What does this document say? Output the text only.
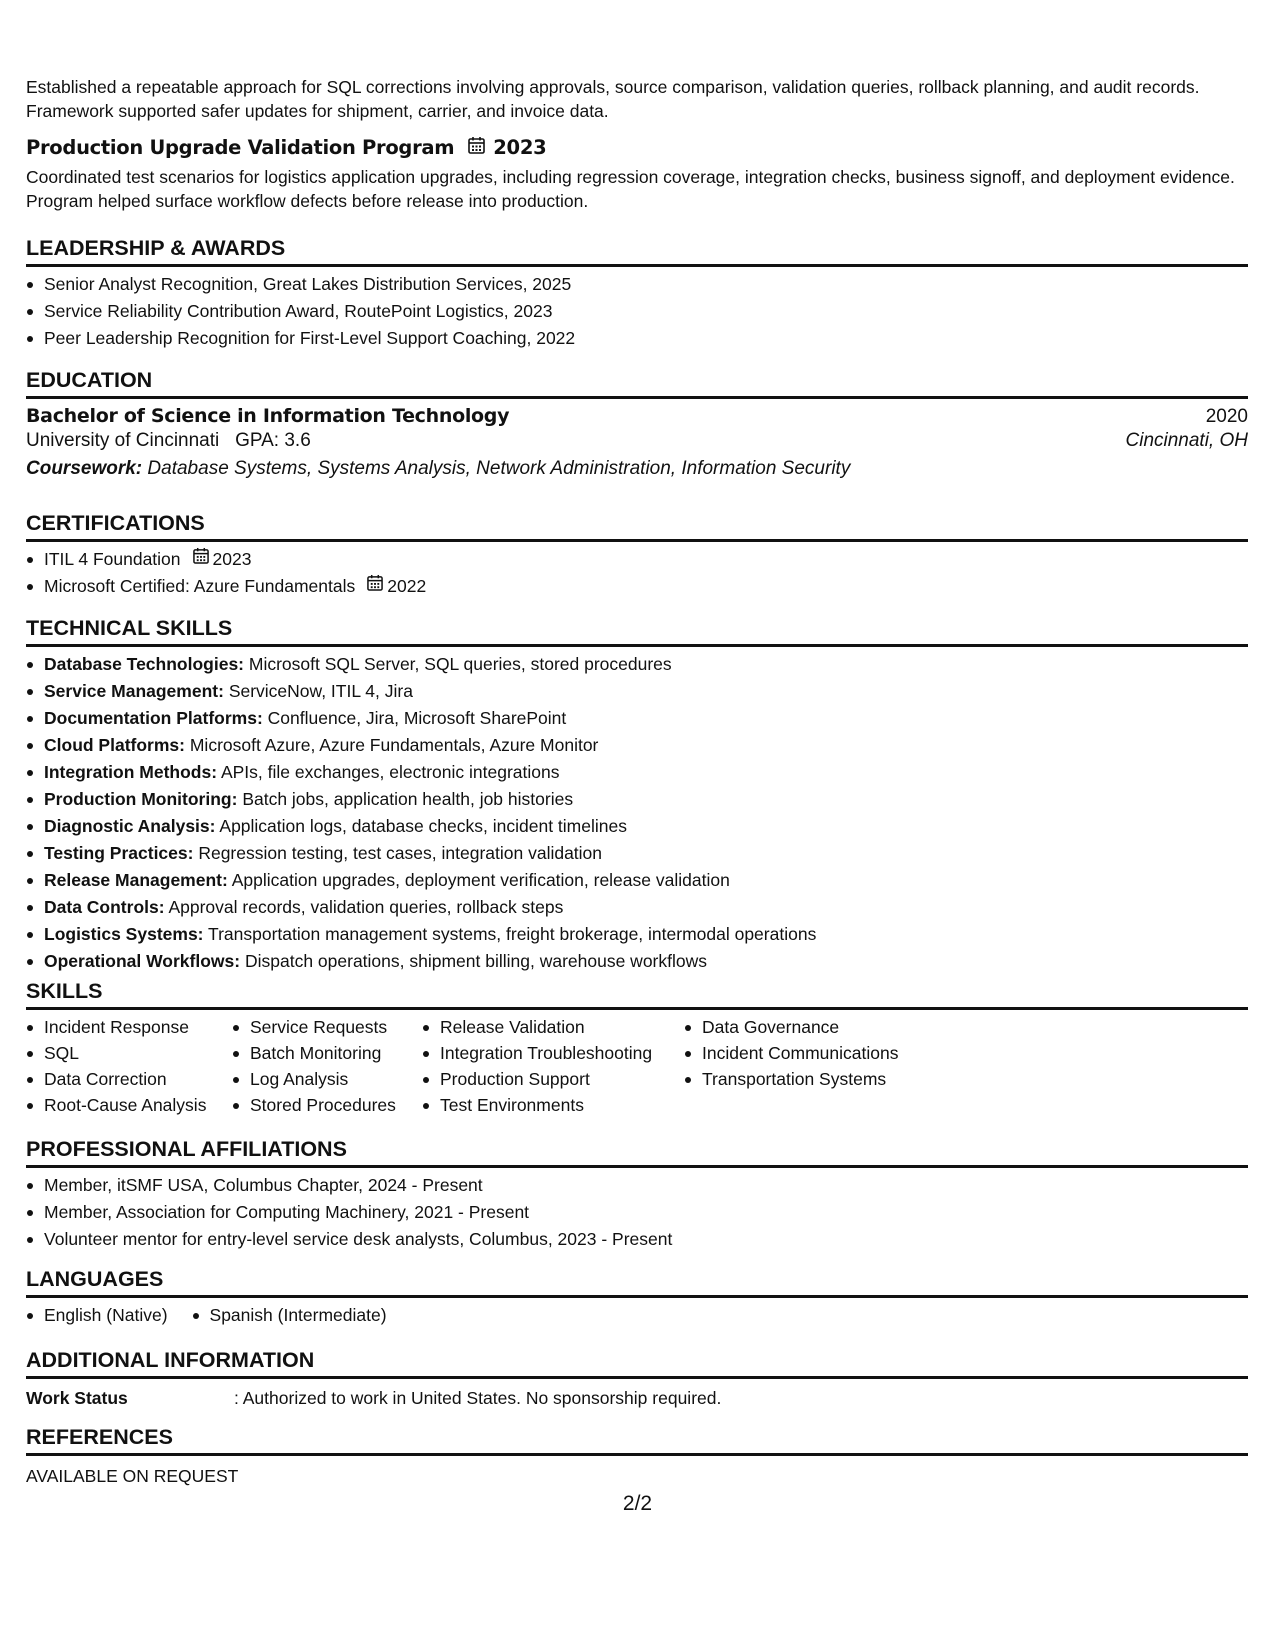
Established a repeatable approach for SQL corrections involving approvals, source comparison, validation queries, rollback planning, and audit records. Framework supported safer updates for shipment, carrier, and invoice data.

Production Upgrade Validation Program 2023

Coordinated test scenarios for logistics application upgrades, including regression coverage, integration checks, business signoff, and deployment evidence. Program helped surface workflow defects before release into production.

LEADERSHIP & AWARDS
Senior Analyst Recognition, Great Lakes Distribution Services, 2025
Service Reliability Contribution Award, RoutePoint Logistics, 2023
Peer Leadership Recognition for First-Level Support Coaching, 2022
EDUCATION
Bachelor of Science in Information Technology	2020
University of Cincinnati GPA: 3.6	Cincinnati, OH
Coursework: Database Systems, Systems Analysis, Network Administration, Information Security
CERTIFICATIONS
ITIL 4 Foundation 2023
Microsoft Certified: Azure Fundamentals 2022
TECHNICAL SKILLS
Database Technologies: Microsoft SQL Server, SQL queries, stored procedures
Service Management: ServiceNow, ITIL 4, Jira
Documentation Platforms: Confluence, Jira, Microsoft SharePoint
Cloud Platforms: Microsoft Azure, Azure Fundamentals, Azure Monitor
Integration Methods: APIs, file exchanges, electronic integrations
Production Monitoring: Batch jobs, application health, job histories
Diagnostic Analysis: Application logs, database checks, incident timelines
Testing Practices: Regression testing, test cases, integration validation
Release Management: Application upgrades, deployment verification, release validation
Data Controls: Approval records, validation queries, rollback steps
Logistics Systems: Transportation management systems, freight brokerage, intermodal operations
Operational Workflows: Dispatch operations, shipment billing, warehouse workflows
SKILLS
Incident Response
SQL
Data Correction
Root-Cause Analysis
Service Requests
Batch Monitoring
Log Analysis
Stored Procedures
Release Validation
Integration Troubleshooting
Production Support
Test Environments
Data Governance
Incident Communications
Transportation Systems
PROFESSIONAL AFFILIATIONS
Member, itSMF USA, Columbus Chapter, 2024 - Present
Member, Association for Computing Machinery, 2021 - Present
Volunteer mentor for entry-level service desk analysts, Columbus, 2023 - Present
LANGUAGES
English (Native)	Spanish (Intermediate)
ADDITIONAL INFORMATION
Work Status	: Authorized to work in United States. No sponsorship required.
REFERENCES

AVAILABLE ON REQUEST

2/2
